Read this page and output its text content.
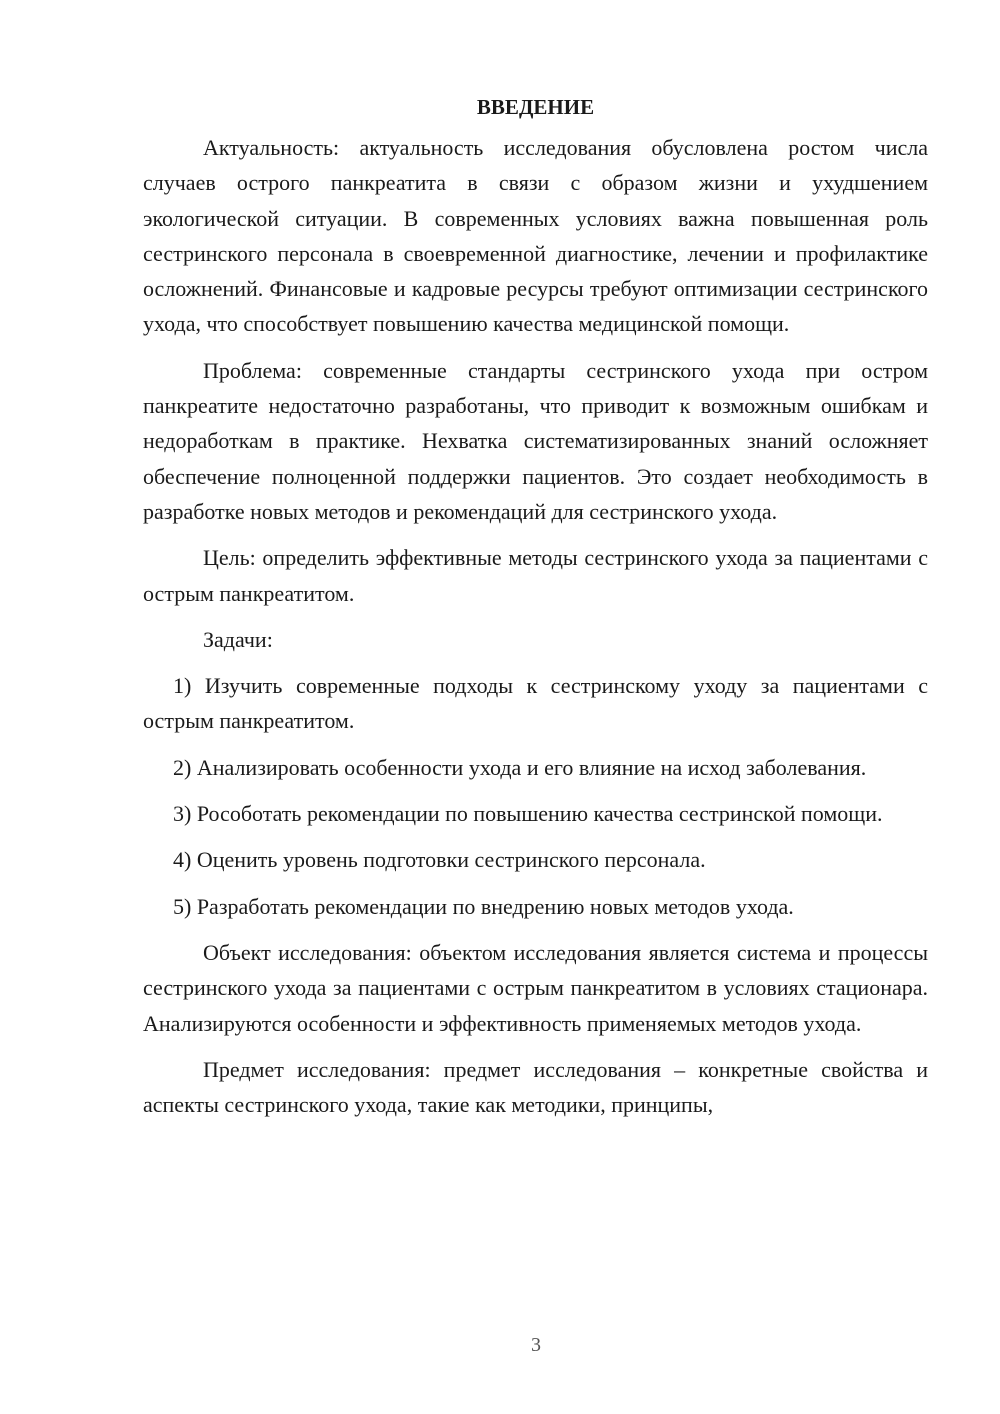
ВВЕДЕНИЕ

Актуальность: актуальность исследования обусловлена ростом числа случаев острого панкреатита в связи с образом жизни и ухудшением экологической ситуации. В современных условиях важна повышенная роль сестринского персонала в своевременной диагностике, лечении и профилактике осложнений. Финансовые и кадровые ресурсы требуют оптимизации сестринского ухода, что способствует повышению качества медицинской помощи.

Проблема: современные стандарты сестринского ухода при остром панкреатите недостаточно разработаны, что приводит к возможным ошибкам и недоработкам в практике. Нехватка систематизированных знаний осложняет обеспечение полноценной поддержки пациентов. Это создает необходимость в разработке новых методов и рекомендаций для сестринского ухода.

Цель: определить эффективные методы сестринского ухода за пациентами с острым панкреатитом.

Задачи:

1) Изучить современные подходы к сестринскому уходу за пациентами с острым панкреатитом.

2) Анализировать особенности ухода и его влияние на исход заболевания.

3) Рособотать рекомендации по повышению качества сестринской помощи.

4) Оценить уровень подготовки сестринского персонала.

5) Разработать рекомендации по внедрению новых методов ухода.

Объект исследования: объектом исследования является система и процессы сестринского ухода за пациентами с острым панкреатитом в условиях стационара. Анализируются особенности и эффективность применяемых методов ухода.

Предмет исследования: предмет исследования – конкретные свойства и аспекты сестринского ухода, такие как методики, принципы,

3
